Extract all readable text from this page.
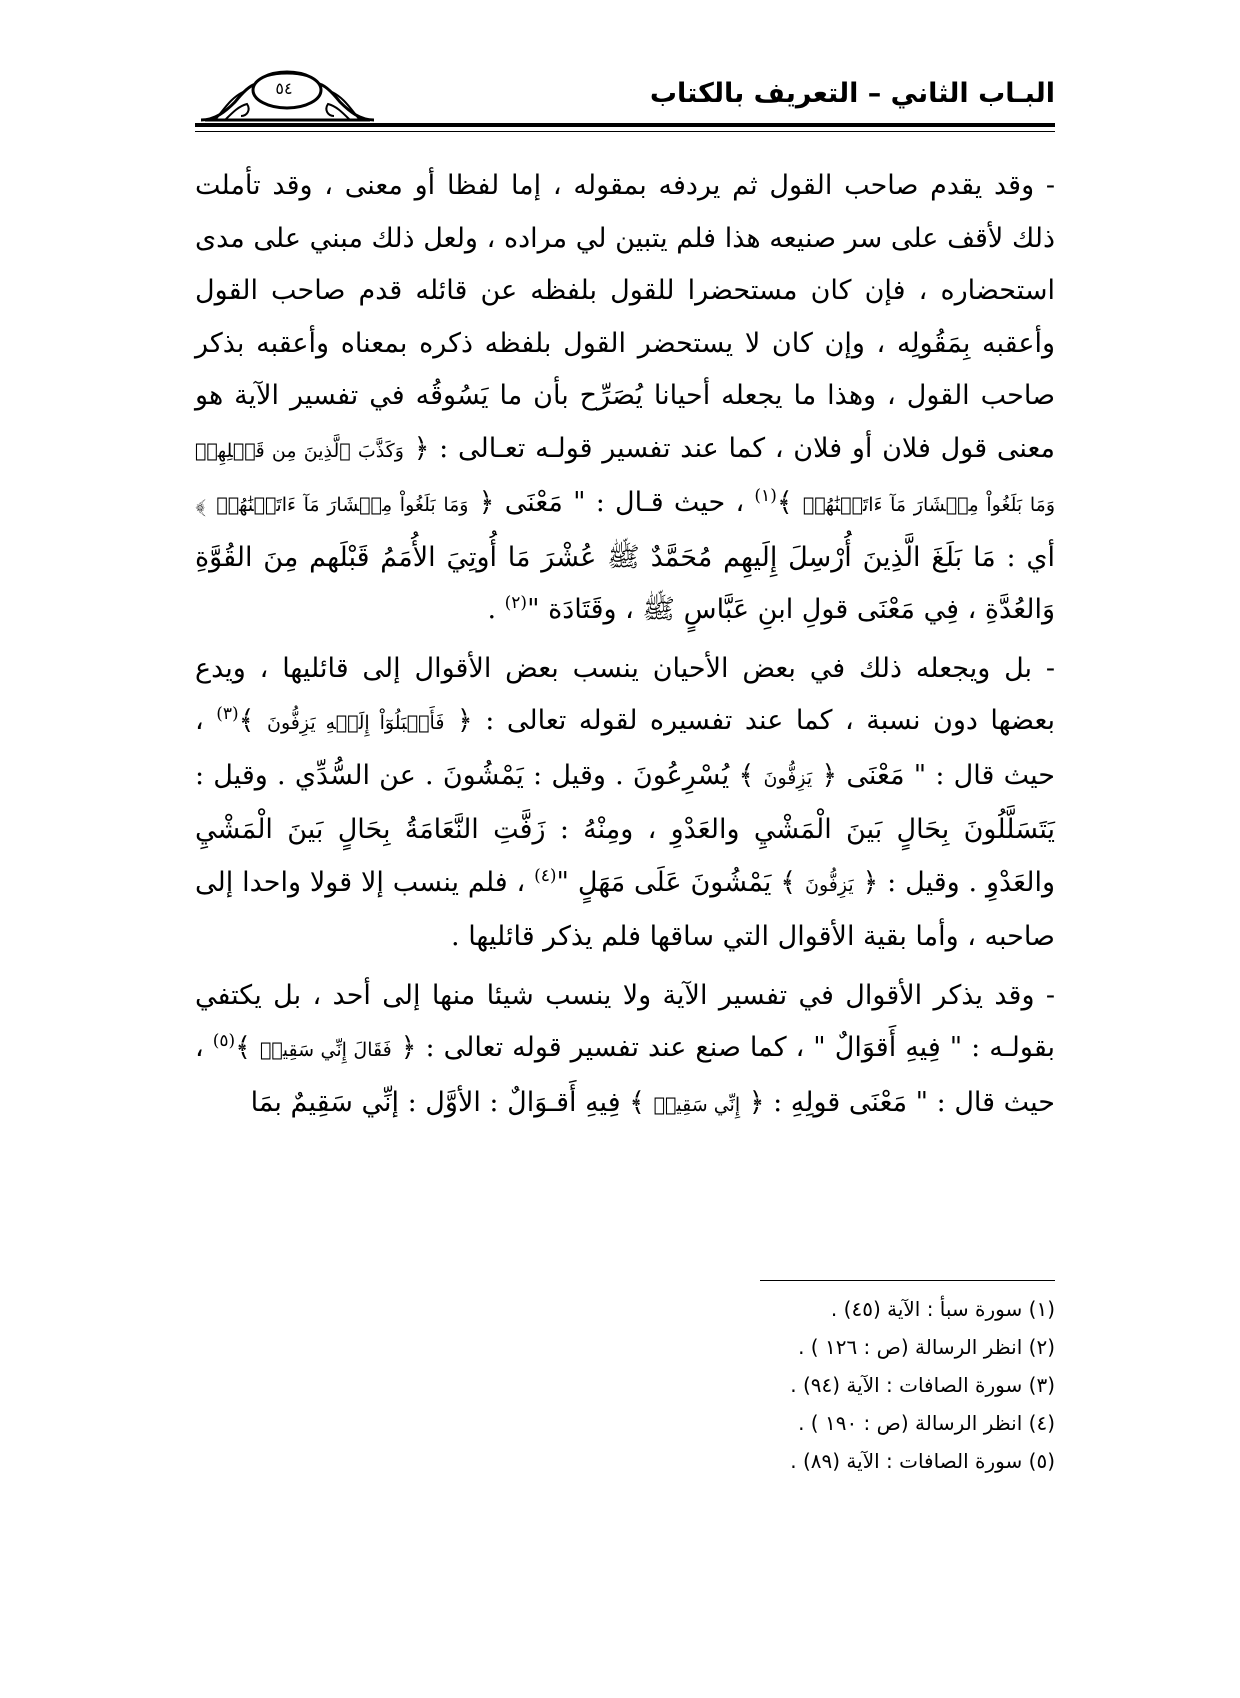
البـاب الثاني – التعريف بالكتاب
٥٤

- وقد يقدم صاحب القول ثم يردفه بمقوله ، إما لفظا أو معنى ، وقد تأملت ذلك لأقف على سر صنيعه هذا فلم يتبين لي مراده ، ولعل ذلك مبني على مدى استحضاره ، فإن كان مستحضرا للقول بلفظه عن قائله قدم صاحب القول وأعقبه بِمَقُولِه ، وإن كان لا يستحضر القول بلفظه ذكره بمعناه وأعقبه بذكر صاحب القول ، وهذا ما يجعله أحيانا يُصَرِّح بأن ما يَسُوقُه في تفسير الآية هو معنى قول فلان أو فلان ، كما عند تفسير قولـه تعـالى : ﴿ وَكَذَّبَ ٱلَّذِينَ مِن قَبۡلِهِمۡ وَمَا بَلَغُواْ مِعۡشَارَ مَآ ءَاتَيۡنَٰهُمۡ ﴾$^{(١)}$ ، حيث قـال : " مَعْنَى ﴿ وَمَا بَلَغُواْ مِعۡشَارَ مَآ ءَاتَيۡنَٰهُمۡ ﴾ أي : مَا بَلَغَ الَّذِينَ أُرْسِلَ إِلَيهِم مُحَمَّدٌ ﷺ عُشْرَ مَا أُوتِيَ الأُمَمُ قَبْلَهم مِنَ القُوَّةِ وَالعُدَّةِ ، فِي مَعْنَى قولِ ابنِ عَبَّاسٍ ﷺ ، وقَتَادَة "$^{(٢)}$ .

- بل ويجعله ذلك في بعض الأحيان ينسب بعض الأقوال إلى قائليها ، ويدع بعضها دون نسبة ، كما عند تفسيره لقوله تعالى : ﴿ فَأَقۡبَلُوٓاْ إِلَيۡهِ يَزِفُّونَ ﴾$^{(٣)}$ ، حيث قال : " مَعْنَى ﴿ يَزِفُّونَ ﴾ يُسْرِعُونَ . وقيل : يَمْشُونَ . عن السُّدِّي . وقيل : يَتَسَلَّلُونَ بِحَالٍ بَينَ الْمَشْيِ والعَدْوِ ، ومِنْهُ : زَفَّتِ النَّعَامَةُ بِحَالٍ بَينَ الْمَشْيِ والعَدْوِ . وقيل : ﴿ يَزِفُّونَ ﴾ يَمْشُونَ عَلَى مَهَلٍ "$^{(٤)}$ ، فلم ينسب إلا قولا واحدا إلى صاحبه ، وأما بقية الأقوال التي ساقها فلم يذكر قائليها .

- وقد يذكر الأقوال في تفسير الآية ولا ينسب شيئا منها إلى أحد ، بل يكتفي بقولـه : " فِيهِ أَقوَالٌ " ، كما صنع عند تفسير قوله تعالى : ﴿ فَقَالَ إِنِّي سَقِيمٞ ﴾$^{(٥)}$ ، حيث قال : " مَعْنَى قولِهِ : ﴿ إِنِّي سَقِيمٞ ﴾ فِيهِ أَقـوَالٌ : الأوَّل : إنِّي سَقِيمٌ بمَا

(١) سورة سبأ : الآية (٤٥) .
(٢) انظر الرسالة (ص : ١٢٦ ) .
(٣) سورة الصافات : الآية (٩٤) .
(٤) انظر الرسالة (ص : ١٩٠ ) .
(٥) سورة الصافات : الآية (٨٩) .
